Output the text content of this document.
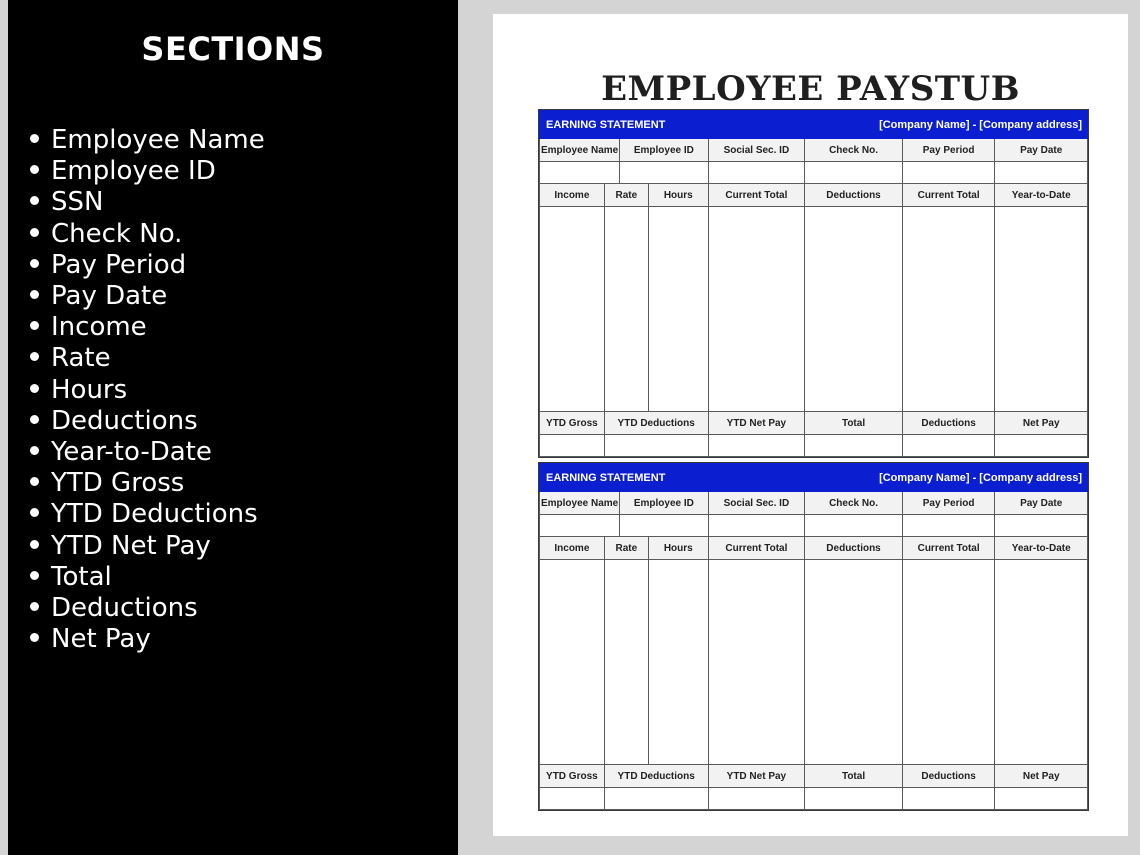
SECTIONS
Employee Name
Employee ID
SSN
Check No.
Pay Period
Pay Date
Income
Rate
Hours
Deductions
Year-to-Date
YTD Gross
YTD Deductions
YTD Net Pay
Total
Deductions
Net Pay
EMPLOYEE PAYSTUB
EARNING STATEMENT					[Company Name] - [Company address]		
Employee Name		Employee ID		Social Sec. ID	Check No.	Pay Period	Pay Date

Income	Rate		Hours	Current Total	Deductions	Current Total	Year-to-Date

YTD Gross	YTD Deductions			YTD Net Pay	Total	Deductions	Net Pay

EARNING STATEMENT					[Company Name] - [Company address]		
Employee Name		Employee ID		Social Sec. ID	Check No.	Pay Period	Pay Date

Income	Rate		Hours	Current Total	Deductions	Current Total	Year-to-Date

YTD Gross	YTD Deductions			YTD Net Pay	Total	Deductions	Net Pay
